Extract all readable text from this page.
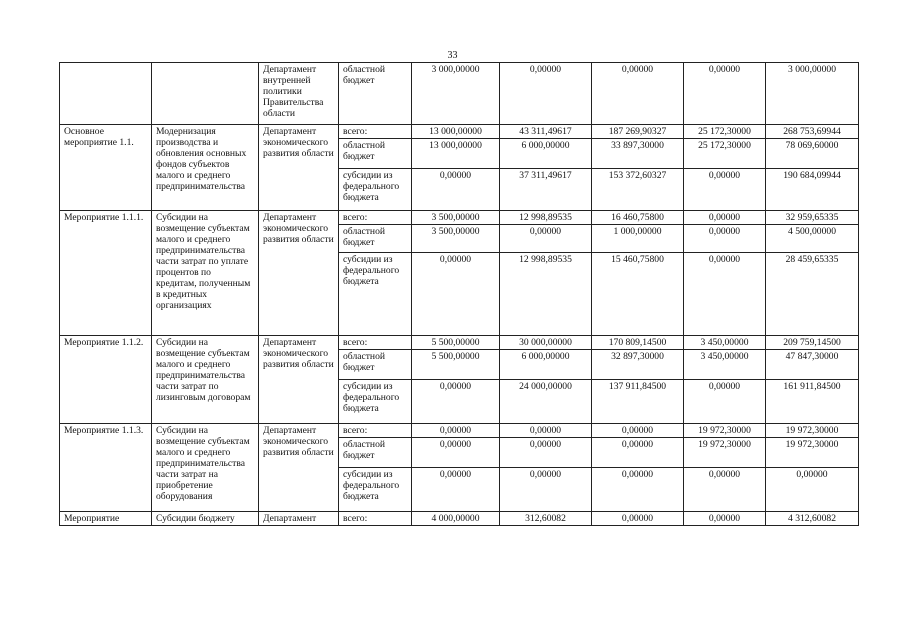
33
		Департамент внутренней политики Правительства области	областной бюджет	3 000,00000	0,00000	0,00000	0,00000	3 000,00000
Основное мероприятие 1.1.	Модернизация производства и обновления основных фондов субъектов малого и среднего предпринимательства	Департамент экономического развития области	всего:	13 000,00000	43 311,49617	187 269,90327	25 172,30000	268 753,69944
			областной бюджет	13 000,00000	6 000,00000	33 897,30000	25 172,30000	78 069,60000
			субсидии из федерального бюджета	0,00000	37 311,49617	153 372,60327	0,00000	190 684,09944
Мероприятие 1.1.1.	Субсидии на возмещение субъектам малого и среднего предпринимательства части затрат по уплате процентов по кредитам, полученным в кредитных организациях	Департамент экономического развития области	всего:	3 500,00000	12 998,89535	16 460,75800	0,00000	32 959,65335
			областной бюджет	3 500,00000	0,00000	1 000,00000	0,00000	4 500,00000
			субсидии из федерального бюджета	0,00000	12 998,89535	15 460,75800	0,00000	28 459,65335
Мероприятие 1.1.2.	Субсидии на возмещение субъектам малого и среднего предпринимательства части затрат по лизинговым договорам	Департамент экономического развития области	всего:	5 500,00000	30 000,00000	170 809,14500	3 450,00000	209 759,14500
			областной бюджет	5 500,00000	6 000,00000	32 897,30000	3 450,00000	47 847,30000
			субсидии из федерального бюджета	0,00000	24 000,00000	137 911,84500	0,00000	161 911,84500
Мероприятие 1.1.3.	Субсидии на возмещение субъектам малого и среднего предпринимательства части затрат на приобретение оборудования	Департамент экономического развития области	всего:	0,00000	0,00000	0,00000	19 972,30000	19 972,30000
			областной бюджет	0,00000	0,00000	0,00000	19 972,30000	19 972,30000
			субсидии из федерального бюджета	0,00000	0,00000	0,00000	0,00000	0,00000
Мероприятие	Субсидии бюджету	Департамент	всего:	4 000,00000	312,60082	0,00000	0,00000	4 312,60082
